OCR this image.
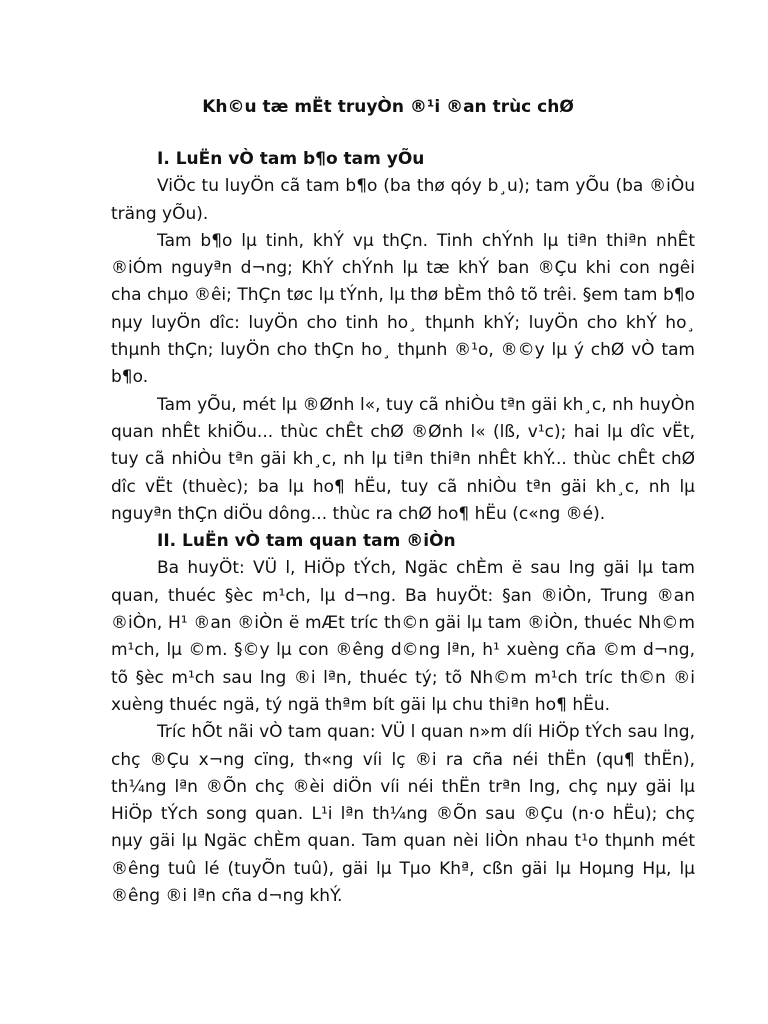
Kh©u tæ mËt truyÒn ®¹i ®an trùc chØ

I. LuËn vÒ tam b¶o tam yÕu

ViÖc tu luyÖn cã tam b¶o (ba thø qóy b¸u); tam yÕu (ba ®iÒu träng yÕu).

Tam b¶o lµ tinh, khÝ vµ thÇn. Tinh chÝnh lµ tiªn thiªn nhÊt ®iÓm nguyªn d¬ng; KhÝ chÝnh lµ tæ khÝ ban ®Çu khi con ngêi cha chµo ®êi; ThÇn tøc lµ tÝnh, lµ thø bÈm thô tõ trêi. §em tam b¶o nµy luyÖn dîc: luyÖn cho tinh ho¸ thµnh khÝ; luyÖn cho khÝ ho¸ thµnh thÇn; luyÖn cho thÇn ho¸ thµnh ®¹o, ®©y lµ ý chØ vÒ tam b¶o.

Tam yÕu, mét lµ ®Ønh l«, tuy cã nhiÒu tªn gäi kh¸c, nh huyÒn quan nhÊt khiÕu... thùc chÊt chØ ®Ønh l« (lß, v¹c); hai lµ dîc vËt, tuy cã nhiÒu tªn gäi kh¸c, nh lµ tiªn thiªn nhÊt khÝ... thùc chÊt chØ dîc vËt (thuèc); ba lµ ho¶ hËu, tuy cã nhiÒu tªn gäi kh¸c, nh lµ nguyªn thÇn diÖu dông... thùc ra chØ ho¶ hËu (c«ng ®é).

II. LuËn vÒ tam quan tam ®iÒn

Ba huyÖt: VÜ l, HiÖp tÝch, Ngäc chÈm ë sau lng gäi lµ tam quan, thuéc §èc m¹ch, lµ d¬ng. Ba huyÖt: §an ®iÒn, Trung ®an ®iÒn, H¹ ®an ®iÒn ë mÆt tríc th©n gäi lµ tam ®iÒn, thuéc Nh©m m¹ch, lµ ©m. §©y lµ con ®êng d©ng lªn, h¹ xuèng cña ©m d¬ng, tõ §èc m¹ch sau lng ®i lªn, thuéc tý; tõ Nh©m m¹ch tríc th©n ®i xuèng thuéc ngä, tý ngä thªm bít gäi lµ chu thiªn ho¶ hËu.

Tríc hÕt nãi vÒ tam quan: VÜ l quan n»m díi HiÖp tÝch sau lng, chç ®Çu x¬ng cïng, th«ng víi lç ®i ra cña néi thËn (qu¶ thËn), th¼ng lªn ®Õn chç ®èi diÖn víi néi thËn trªn lng, chç nµy gäi lµ HiÖp tÝch song quan. L¹i lªn th¼ng ®Õn sau ®Çu (n·o hËu); chç nµy gäi lµ Ngäc chÈm quan. Tam quan nèi liÒn nhau t¹o thµnh mét ®êng tuû lé (tuyÕn tuû), gäi lµ Tµo Khª, cßn gäi lµ Hoµng Hµ, lµ ®êng ®i lªn cña d¬ng khÝ.
